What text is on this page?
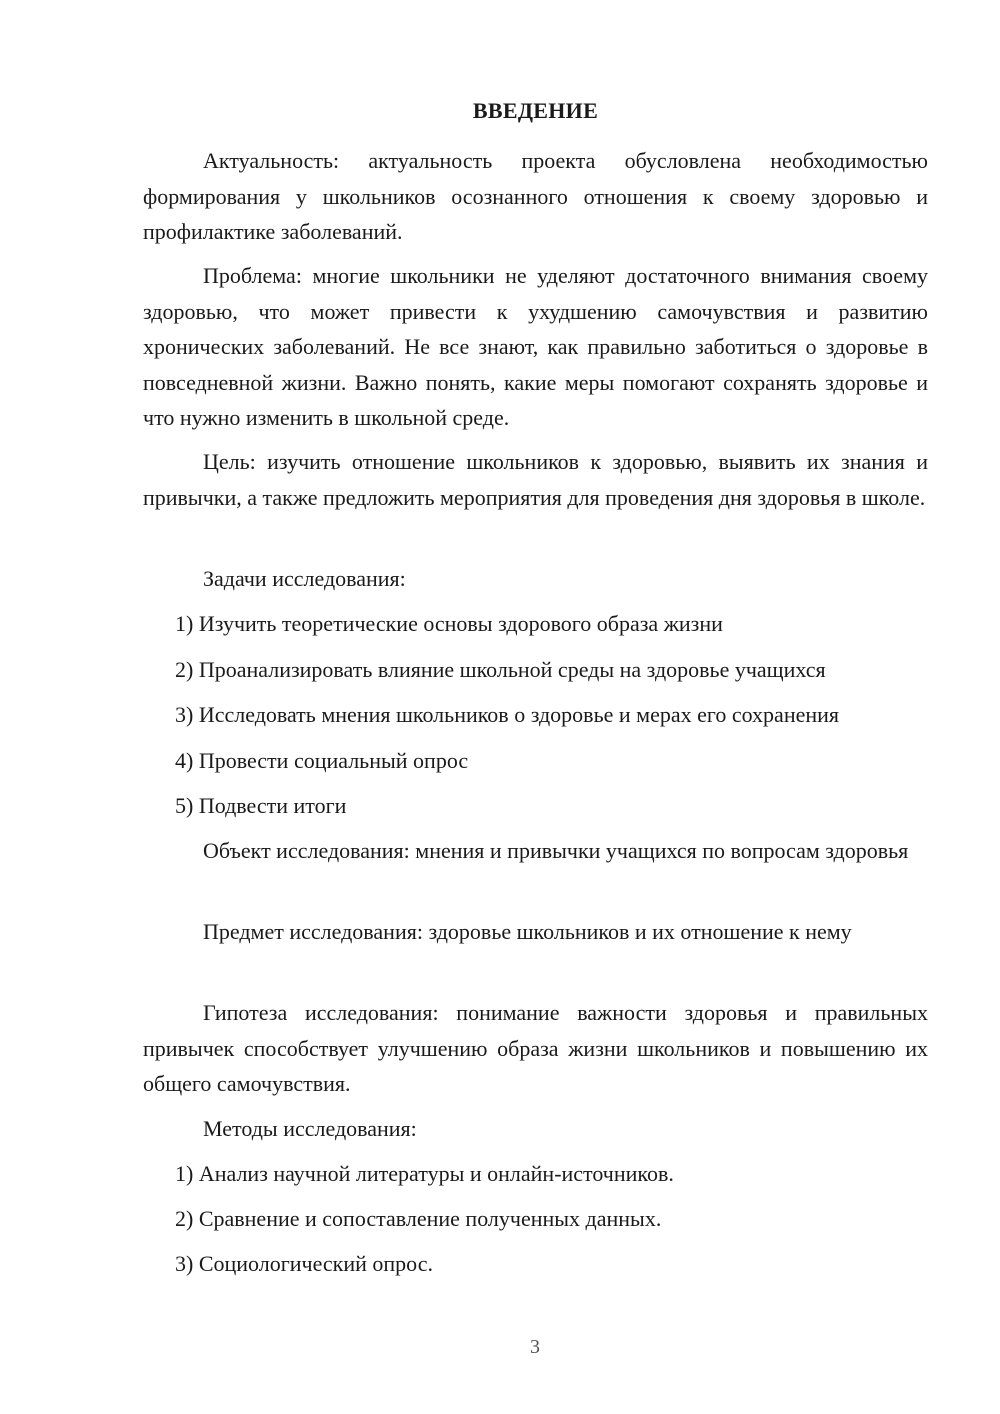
ВВЕДЕНИЕ

Актуальность: актуальность проекта обусловлена необходимостью формирования у школьников осознанного отношения к своему здоровью и профилактике заболеваний.

Проблема: многие школьники не уделяют достаточного внимания своему здоровью, что может привести к ухудшению самочувствия и развитию хронических заболеваний. Не все знают, как правильно заботиться о здоровье в повседневной жизни. Важно понять, какие меры помогают сохранять здоровье и что нужно изменить в школьной среде.

Цель: изучить отношение школьников к здоровью, выявить их знания и привычки, а также предложить мероприятия для проведения дня здоровья в школе.

Задачи исследования:
1) Изучить теоретические основы здорового образа жизни
2) Проанализировать влияние школьной среды на здоровье учащихся
3) Исследовать мнения школьников о здоровье и мерах его сохранения
4) Провести социальный опрос
5) Подвести итоги

Объект исследования: мнения и привычки учащихся по вопросам здоровья

Предмет исследования: здоровье школьников и их отношение к нему

Гипотеза исследования: понимание важности здоровья и правильных привычек способствует улучшению образа жизни школьников и повышению их общего самочувствия.

Методы исследования:
1) Анализ научной литературы и онлайн-источников.
2) Сравнение и сопоставление полученных данных.
3) Социологический опрос.
3
